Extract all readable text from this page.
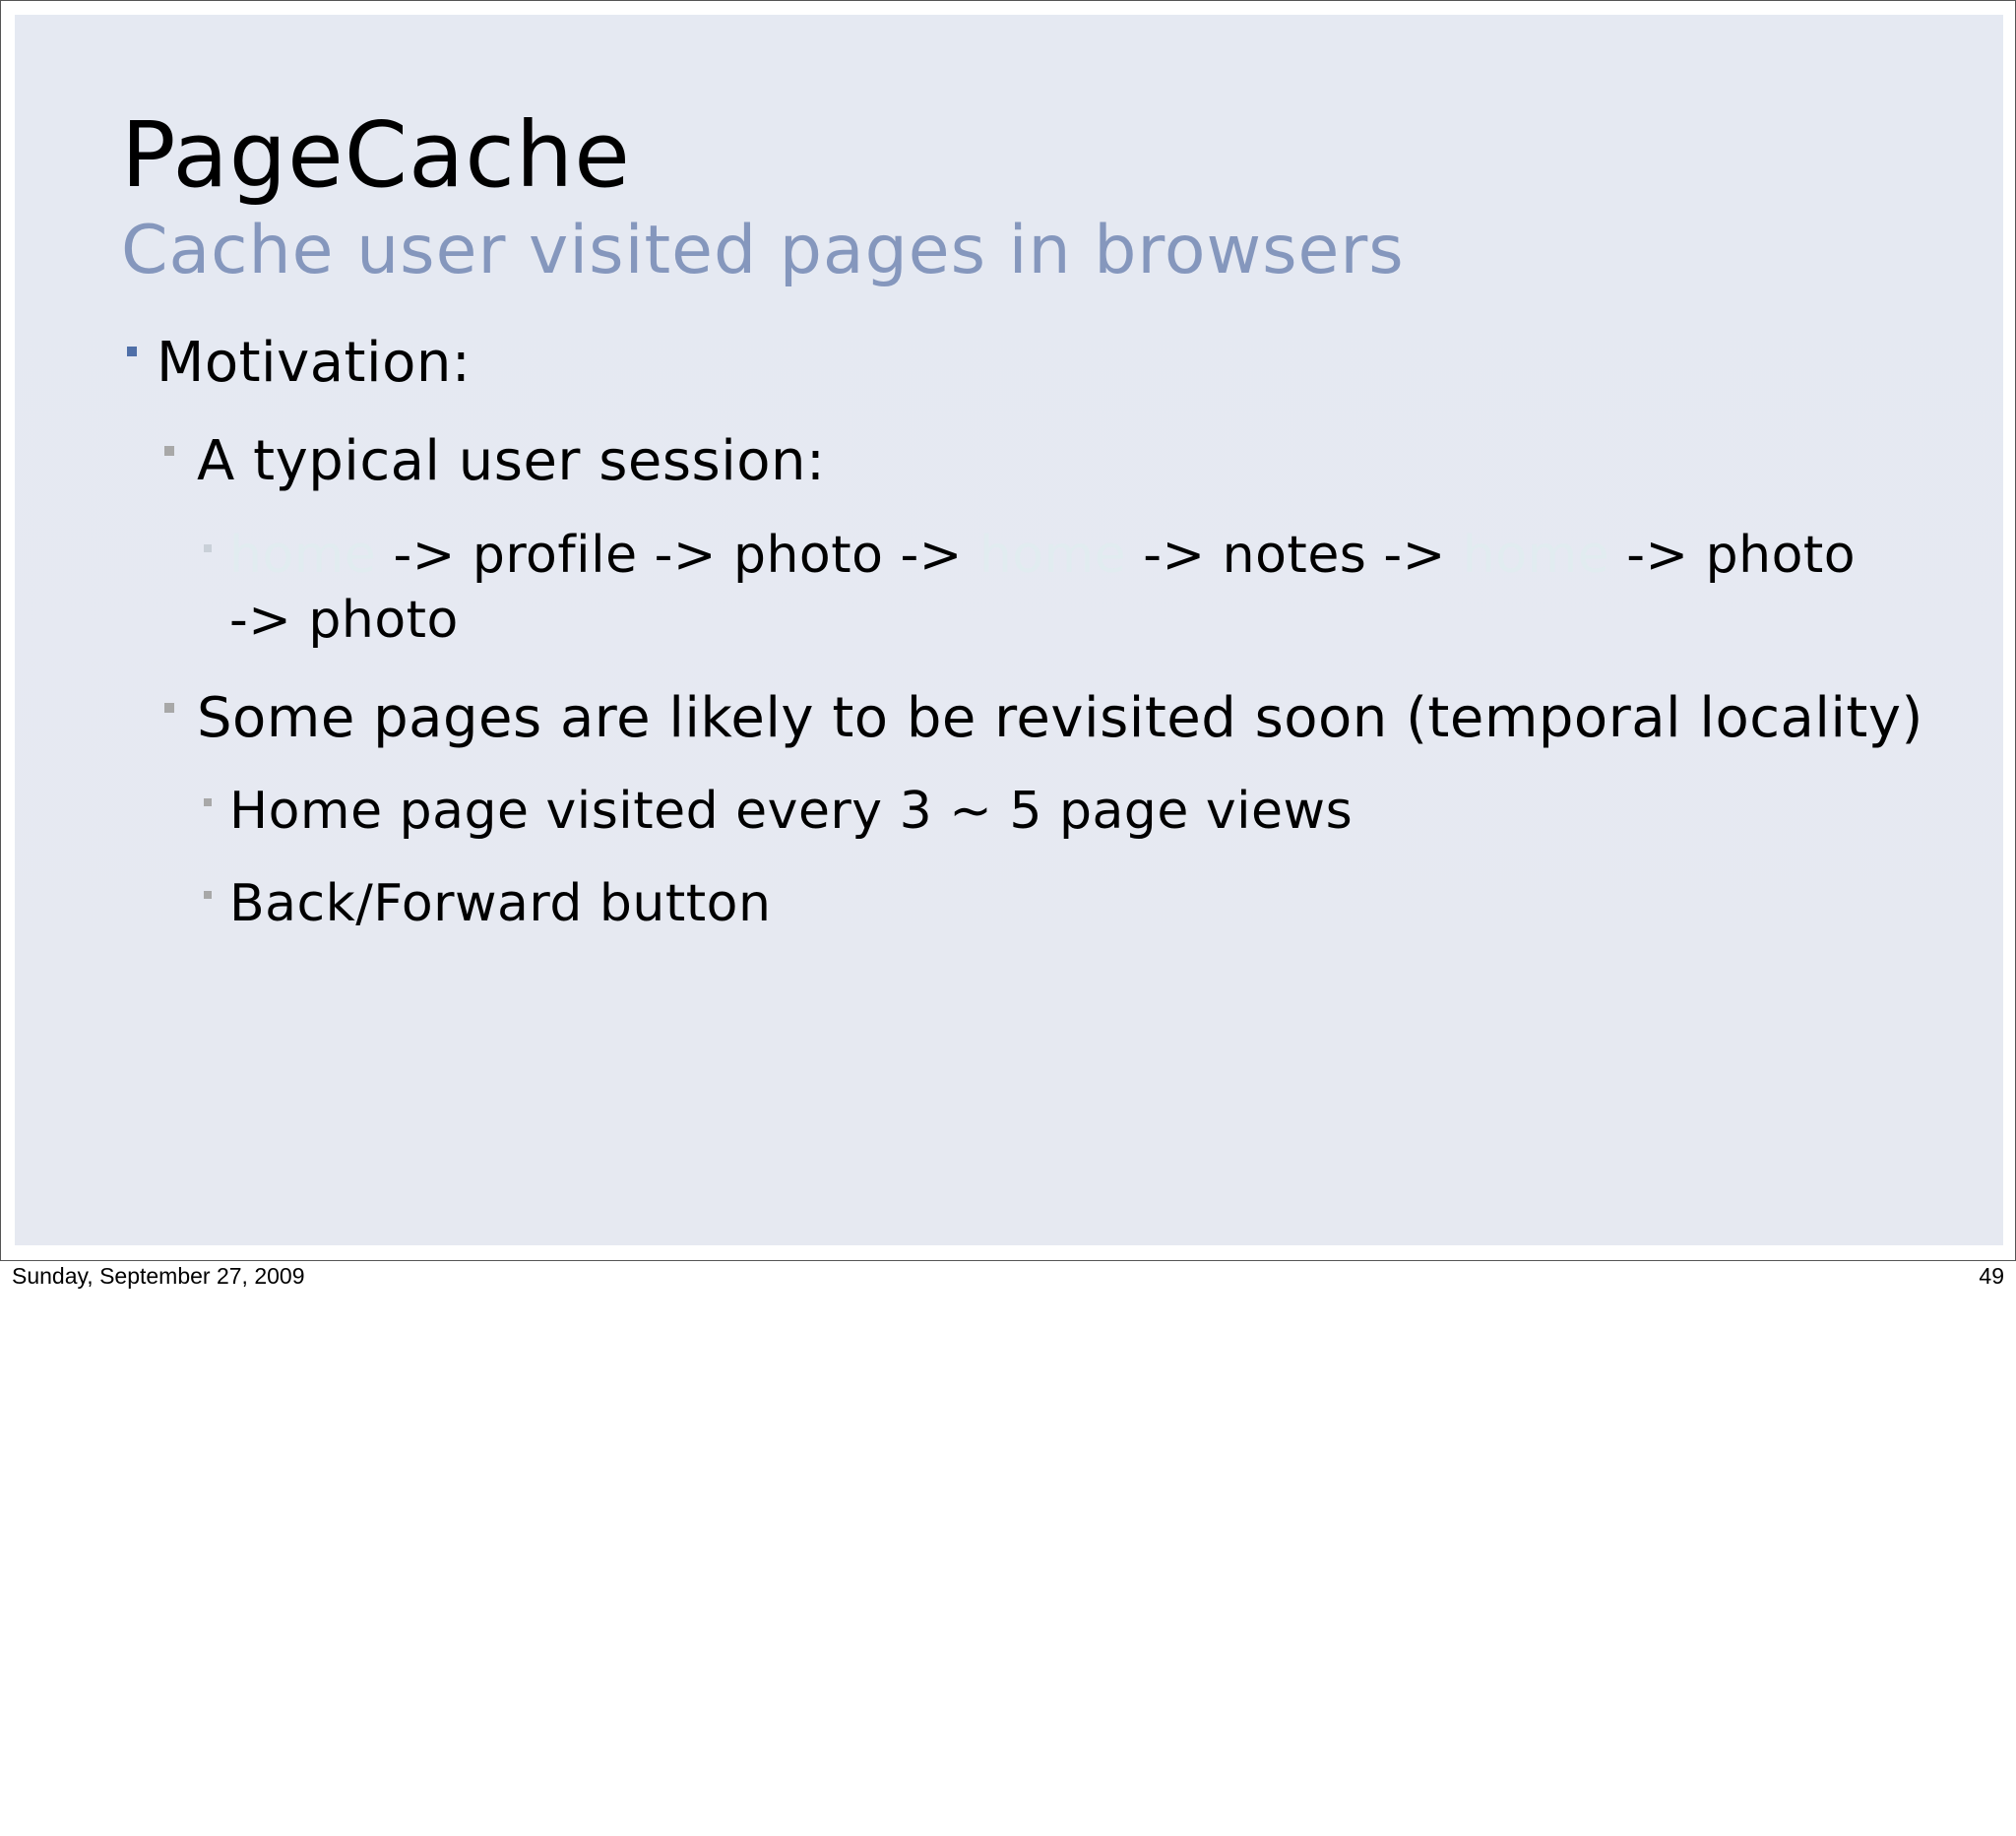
PageCache
Cache user visited pages in browsers
Motivation:
A typical user session:
home -> profile -> photo -> home -> notes -> home -> photo
-> photo
Some pages are likely to be revisited soon (temporal locality)
Home page visited every 3 ~ 5 page views
Back/Forward button
Sunday, September 27, 2009	49
